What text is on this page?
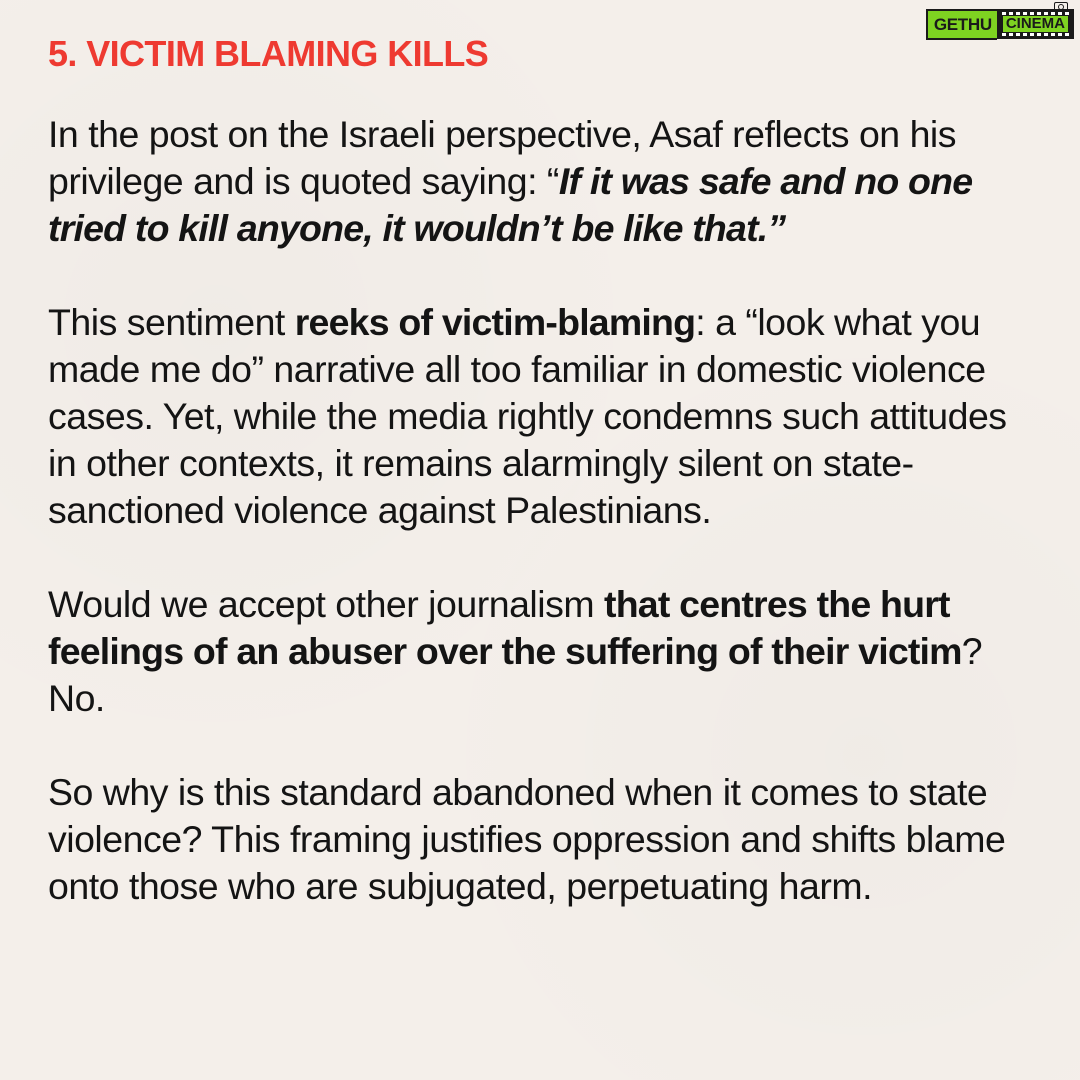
GETHU CINEMA
5. VICTIM BLAMING KILLS

In the post on the Israeli perspective, Asaf reflects on his privilege and is quoted saying: “If it was safe and no one tried to kill anyone, it wouldn’t be like that.”

This sentiment reeks of victim-blaming: a “look what you made me do” narrative all too familiar in domestic violence cases. Yet, while the media rightly condemns such attitudes in other contexts, it remains alarmingly silent on state-sanctioned violence against Palestinians.

Would we accept other journalism that centres the hurt feelings of an abuser over the suffering of their victim? No.

So why is this standard abandoned when it comes to state violence? This framing justifies oppression and shifts blame onto those who are subjugated, perpetuating harm.
